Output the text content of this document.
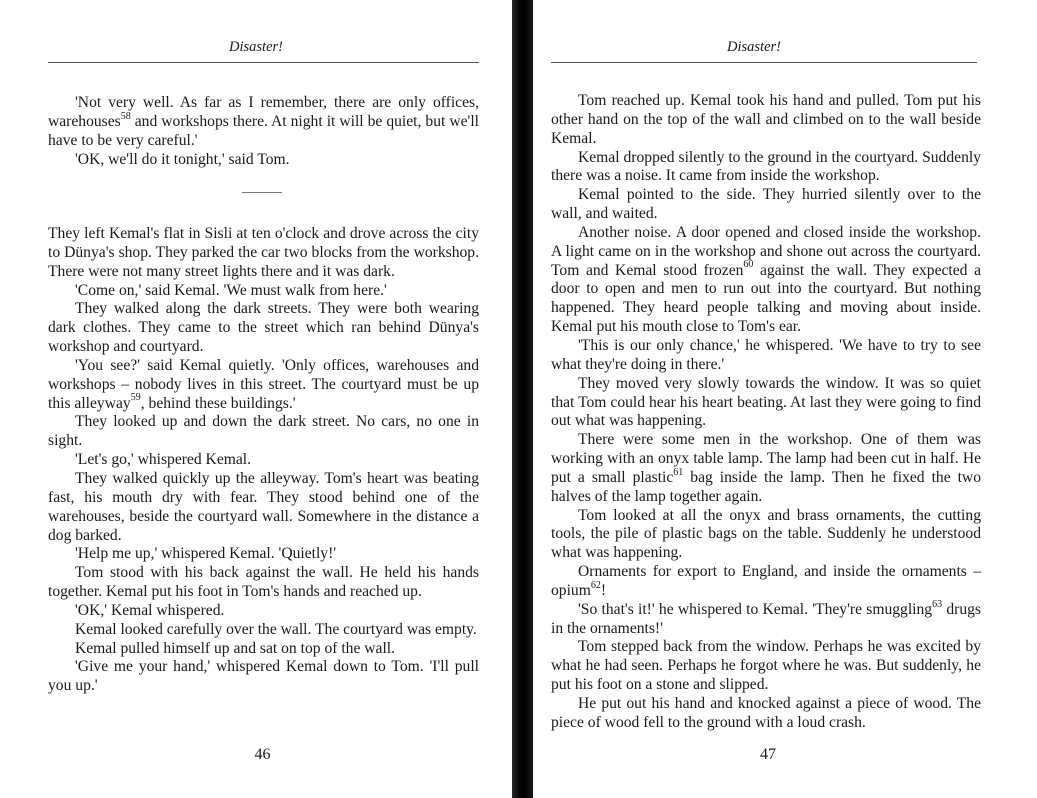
Disaster!

'Not very well. As far as I remember, there are only offices, warehouses$^{58}$ and workshops there. At night it will be quiet, but we'll have to be very careful.'

'OK, we'll do it tonight,' said Tom.

They left Kemal's flat in Sisli at ten o'clock and drove across the city to Dünya's shop. They parked the car two blocks from the workshop. There were not many street lights there and it was dark.

'Come on,' said Kemal. 'We must walk from here.'

They walked along the dark streets. They were both wearing dark clothes. They came to the street which ran behind Dünya's workshop and courtyard.

'You see?' said Kemal quietly. 'Only offices, warehouses and workshops – nobody lives in this street. The courtyard must be up this alleyway$^{59}$, behind these buildings.'

They looked up and down the dark street. No cars, no one in sight.

'Let's go,' whispered Kemal.

They walked quickly up the alleyway. Tom's heart was beating fast, his mouth dry with fear. They stood behind one of the warehouses, beside the courtyard wall. Somewhere in the distance a dog barked.

'Help me up,' whispered Kemal. 'Quietly!'

Tom stood with his back against the wall. He held his hands together. Kemal put his foot in Tom's hands and reached up.

'OK,' Kemal whispered.

Kemal looked carefully over the wall. The courtyard was empty.

Kemal pulled himself up and sat on top of the wall.

'Give me your hand,' whispered Kemal down to Tom. 'I'll pull you up.'

46
Disaster!

Tom reached up. Kemal took his hand and pulled. Tom put his other hand on the top of the wall and climbed on to the wall beside Kemal.

Kemal dropped silently to the ground in the courtyard. Suddenly there was a noise. It came from inside the workshop.

Kemal pointed to the side. They hurried silently over to the wall, and waited.

Another noise. A door opened and closed inside the workshop. A light came on in the workshop and shone out across the courtyard. Tom and Kemal stood frozen$^{60}$ against the wall. They expected a door to open and men to run out into the courtyard. But nothing happened. They heard people talking and moving about inside. Kemal put his mouth close to Tom's ear.

'This is our only chance,' he whispered. 'We have to try to see what they're doing in there.'

They moved very slowly towards the window. It was so quiet that Tom could hear his heart beating. At last they were going to find out what was happening.

There were some men in the workshop. One of them was working with an onyx table lamp. The lamp had been cut in half. He put a small plastic$^{61}$ bag inside the lamp. Then he fixed the two halves of the lamp together again.

Tom looked at all the onyx and brass ornaments, the cutting tools, the pile of plastic bags on the table. Suddenly he understood what was happening.

Ornaments for export to England, and inside the ornaments – opium$^{62}$!

'So that's it!' he whispered to Kemal. 'They're smuggling$^{63}$ drugs in the ornaments!'

Tom stepped back from the window. Perhaps he was excited by what he had seen. Perhaps he forgot where he was. But suddenly, he put his foot on a stone and slipped.

He put out his hand and knocked against a piece of wood. The piece of wood fell to the ground with a loud crash.

47
